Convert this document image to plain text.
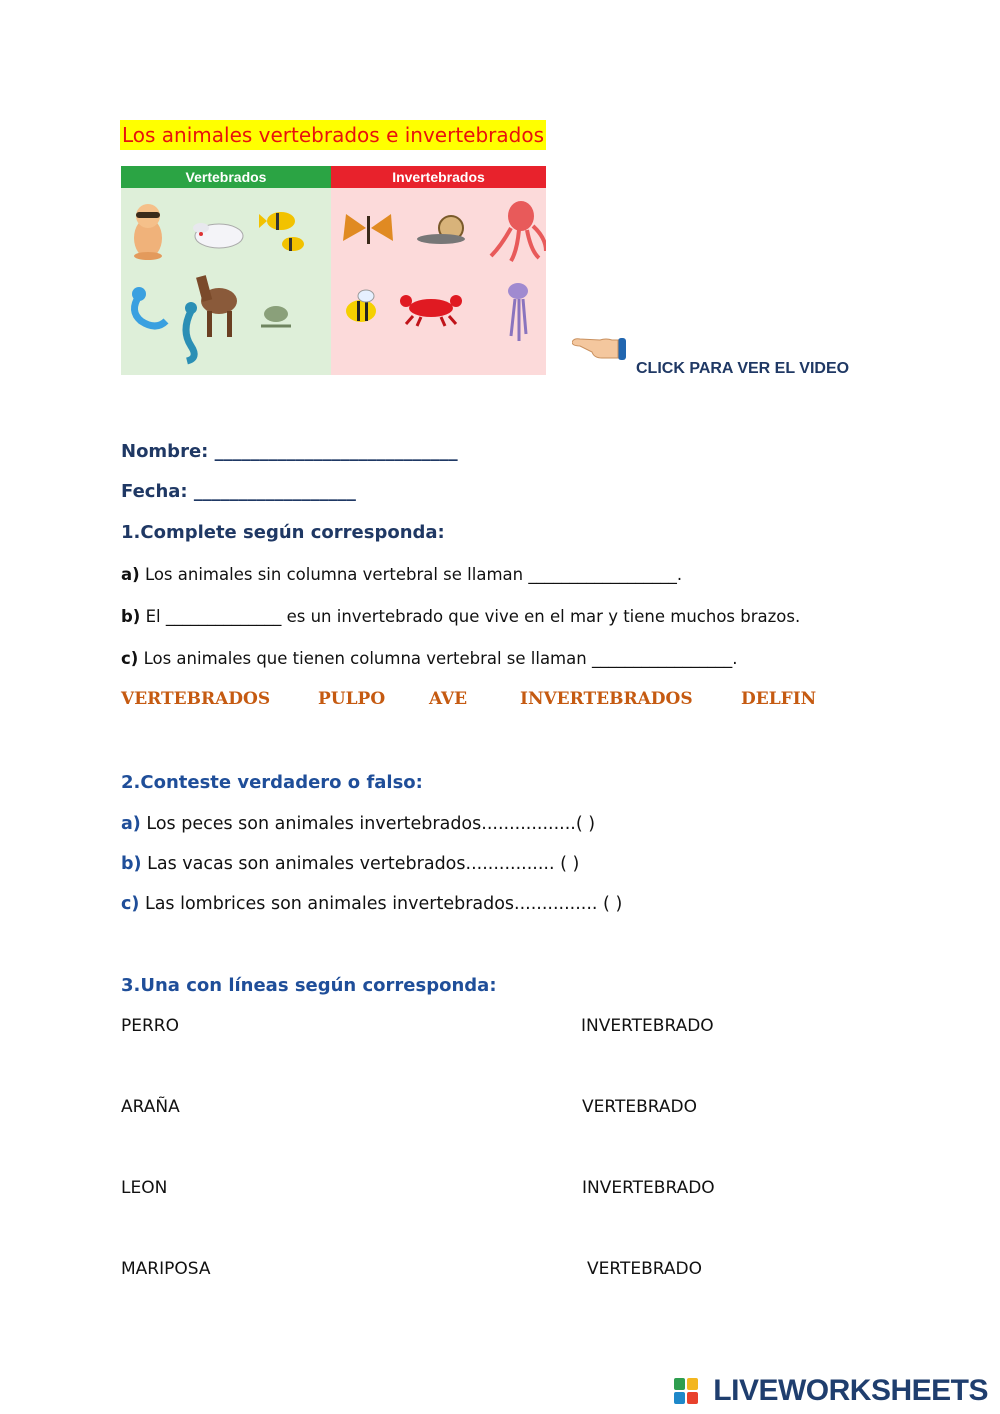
Los animales vertebrados e invertebrados
Vertebrados	Invertebrados
CLICK PARA VER EL VIDEO
Nombre: ___________________________
Fecha: __________________
1.Complete según corresponda:
a) Los animales sin columna vertebral se llaman __________________.
b) El ______________ es un invertebrado que vive en el mar y tiene muchos brazos.
c) Los animales que tienen columna vertebral se llaman _________________.
VERTEBRADOS	PULPO	AVE	INVERTEBRADOS	DELFIN
2.Conteste verdadero o falso:
a) Los peces son animales invertebrados.................( )
b) Las vacas son animales vertebrados................ ( )
c) Las lombrices son animales invertebrados............... ( )
3.Una con líneas según corresponda:
PERRO	INVERTEBRADO
ARAÑA	VERTEBRADO
LEON	INVERTEBRADO
MARIPOSA	VERTEBRADO
LIVEWORKSHEETS
